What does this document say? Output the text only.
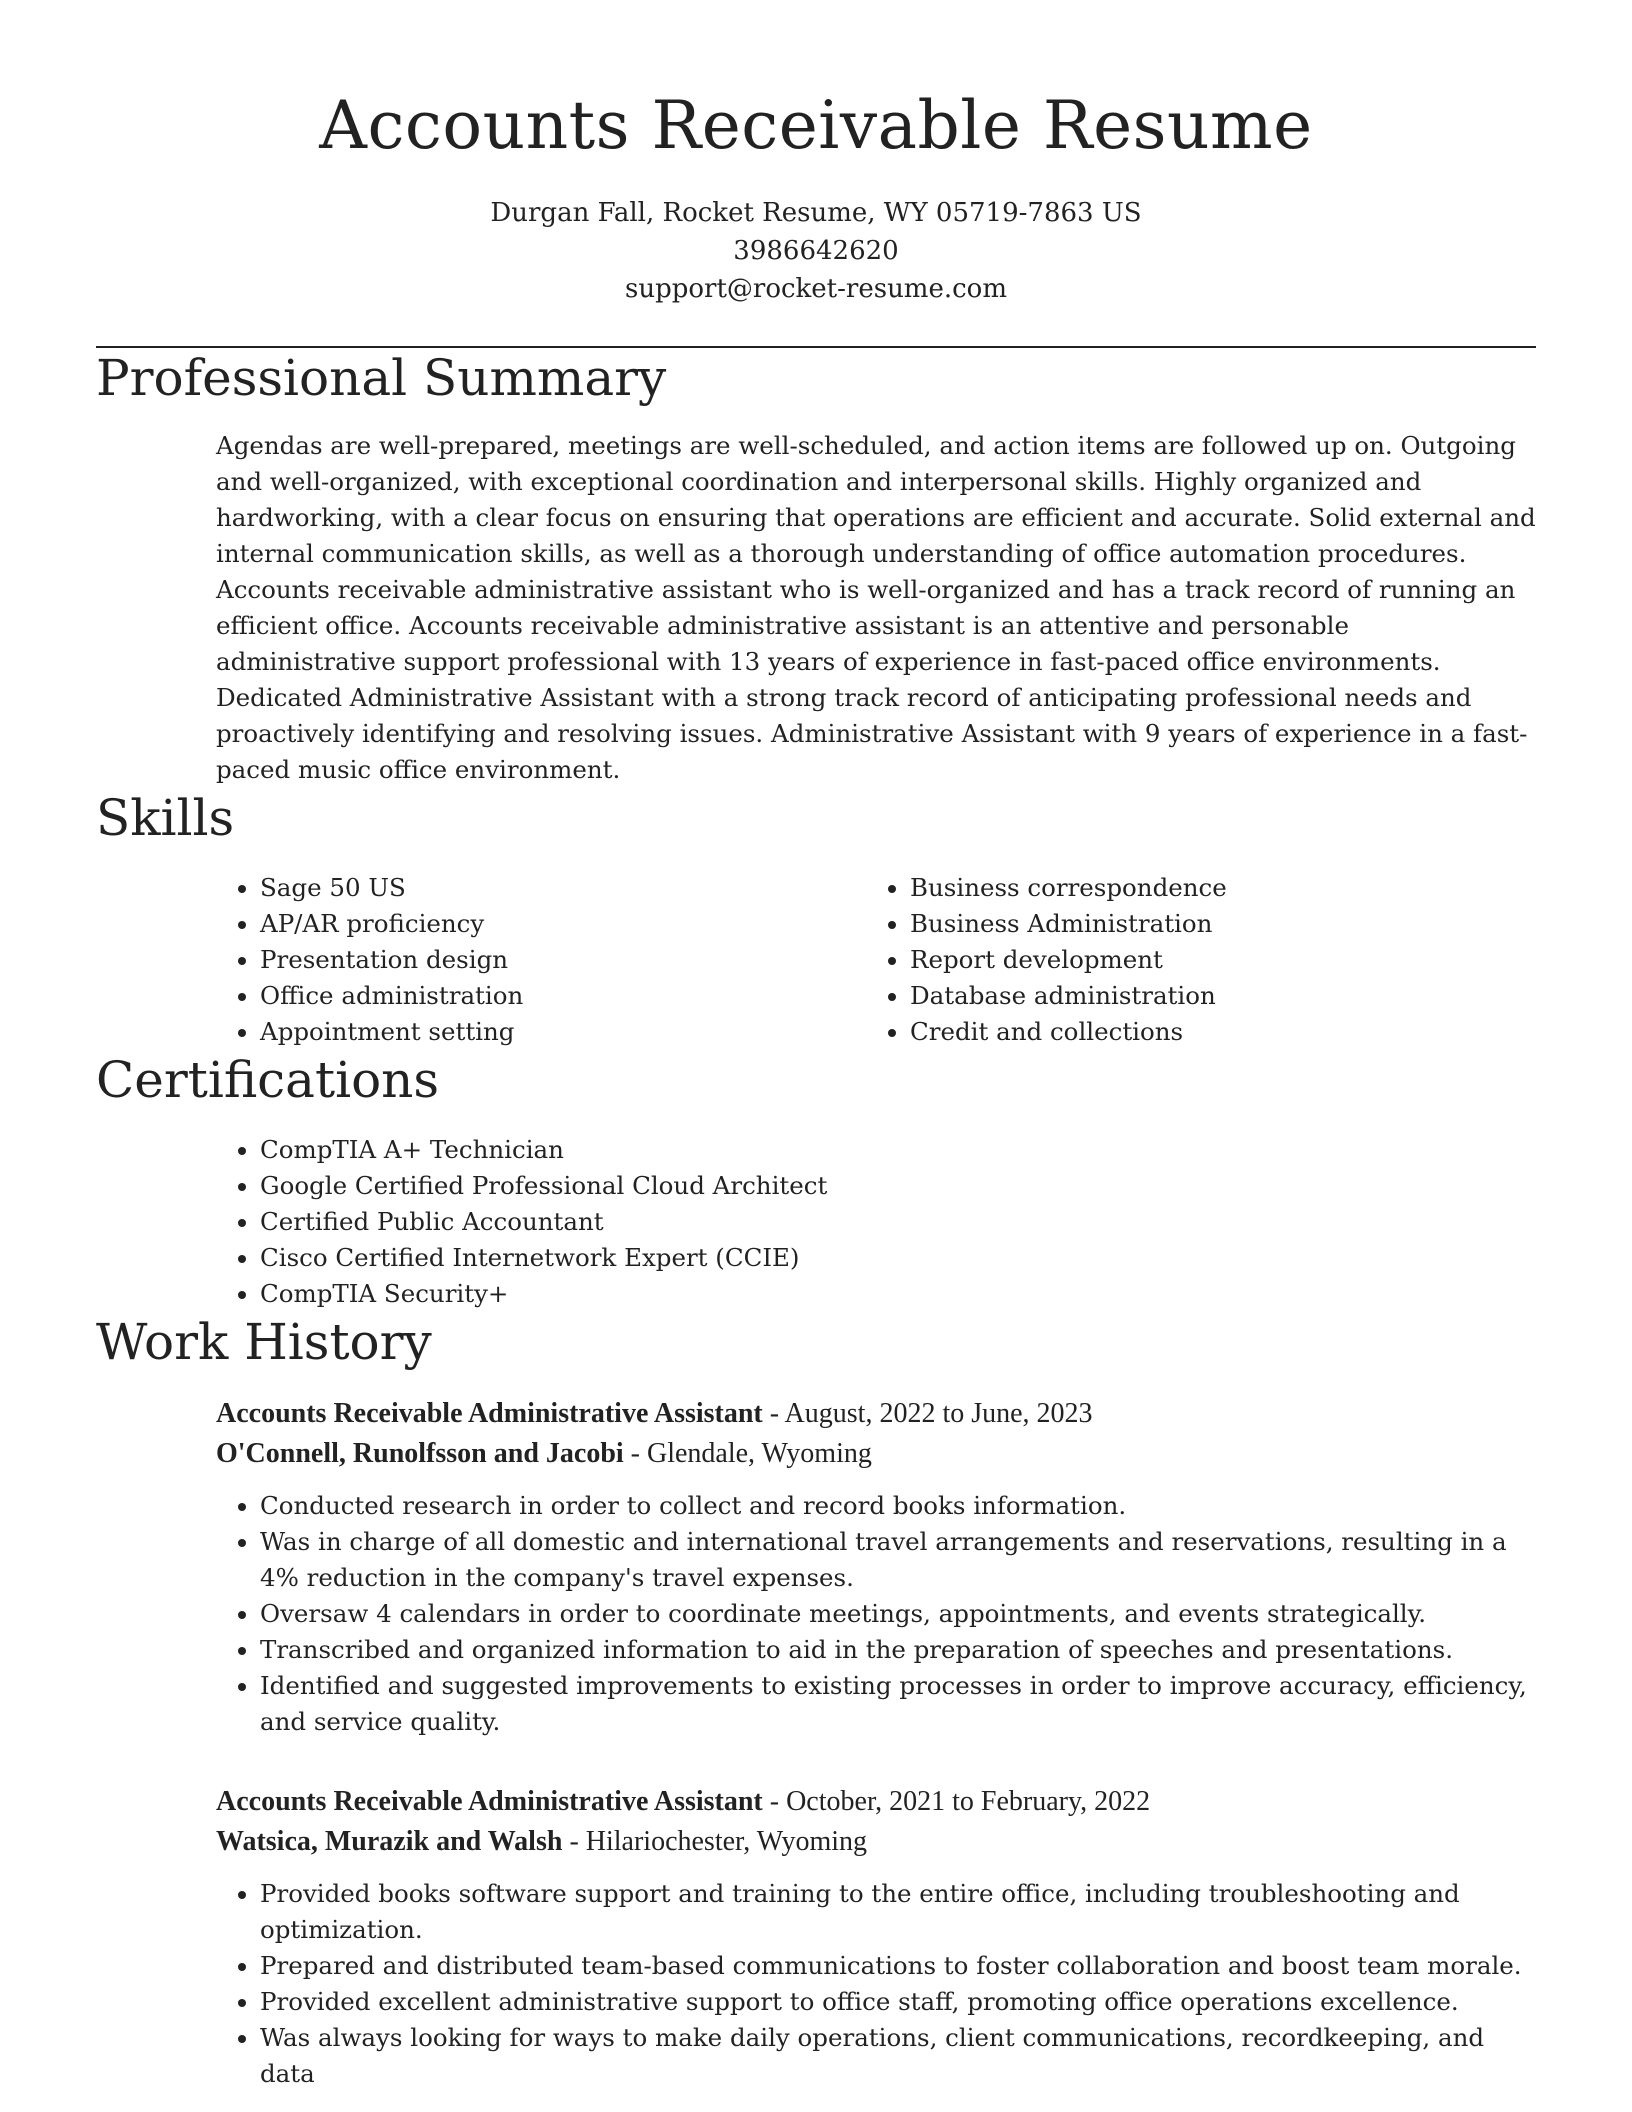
Accounts Receivable Resume
Durgan Fall, Rocket Resume, WY 05719-7863 US
3986642620
support@rocket-resume.com
Professional Summary
Agendas are well-prepared, meetings are well-scheduled, and action items are followed up on. Outgoing and well-organized, with exceptional coordination and interpersonal skills. Highly organized and hardworking, with a clear focus on ensuring that operations are efficient and accurate. Solid external and internal communication skills, as well as a thorough understanding of office automation procedures. Accounts receivable administrative assistant who is well-organized and has a track record of running an efficient office. Accounts receivable administrative assistant is an attentive and personable administrative support professional with 13 years of experience in fast-paced office environments. Dedicated Administrative Assistant with a strong track record of anticipating professional needs and proactively identifying and resolving issues. Administrative Assistant with 9 years of experience in a fast-paced music office environment.
Skills
• Sage 50 US
• AP/AR proficiency
• Presentation design
• Office administration
• Appointment setting
• Business correspondence
• Business Administration
• Report development
• Database administration
• Credit and collections
Certifications
• CompTIA A+ Technician
• Google Certified Professional Cloud Architect
• Certified Public Accountant
• Cisco Certified Internetwork Expert (CCIE)
• CompTIA Security+
Work History
Accounts Receivable Administrative Assistant - August, 2022 to June, 2023
O'Connell, Runolfsson and Jacobi - Glendale, Wyoming
• Conducted research in order to collect and record books information.
• Was in charge of all domestic and international travel arrangements and reservations, resulting in a 4% reduction in the company's travel expenses.
• Oversaw 4 calendars in order to coordinate meetings, appointments, and events strategically.
• Transcribed and organized information to aid in the preparation of speeches and presentations.
• Identified and suggested improvements to existing processes in order to improve accuracy, efficiency, and service quality.
Accounts Receivable Administrative Assistant - October, 2021 to February, 2022
Watsica, Murazik and Walsh - Hilariochester, Wyoming
• Provided books software support and training to the entire office, including troubleshooting and optimization.
• Prepared and distributed team-based communications to foster collaboration and boost team morale.
• Provided excellent administrative support to office staff, promoting office operations excellence.
• Was always looking for ways to make daily operations, client communications, recordkeeping, and data
